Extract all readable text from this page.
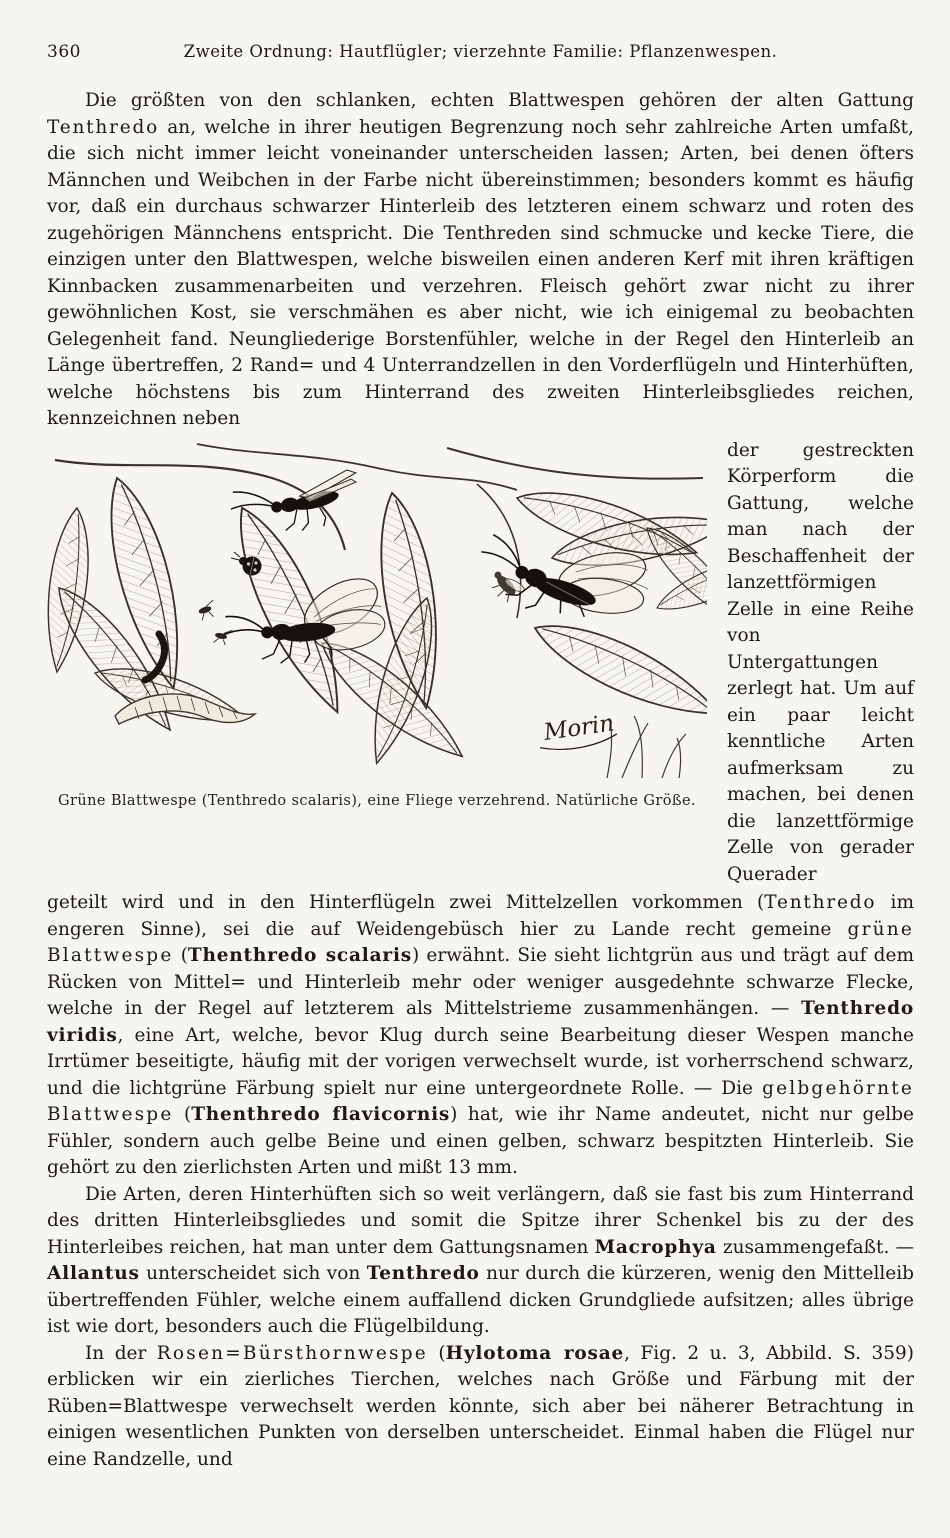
360	Zweite Ordnung: Hautflügler; vierzehnte Familie: Pflanzenwespen.

Die größten von den schlanken, echten Blattwespen gehören der alten Gattung Tenthredo an, welche in ihrer heutigen Begrenzung noch sehr zahlreiche Arten umfaßt, die sich nicht immer leicht voneinander unterscheiden lassen; Arten, bei denen öfters Männchen und Weibchen in der Farbe nicht übereinstimmen; besonders kommt es häufig vor, daß ein durchaus schwarzer Hinterleib des letzteren einem schwarz und roten des zugehörigen Männchens entspricht. Die Tenthreden sind schmucke und kecke Tiere, die einzigen unter den Blattwespen, welche bisweilen einen anderen Kerf mit ihren kräftigen Kinnbacken zusammenarbeiten und verzehren. Fleisch gehört zwar nicht zu ihrer gewöhnlichen Kost, sie verschmähen es aber nicht, wie ich einigemal zu beobachten Gelegenheit fand. Neungliederige Borstenfühler, welche in der Regel den Hinterleib an Länge übertreffen, 2 Rand= und 4 Unterrandzellen in den Vorderflügeln und Hinterhüften, welche höchstens bis zum Hinterrand des zweiten Hinterleibsgliedes reichen, kennzeichnen neben

Morin
Grüne Blattwespe (Tenthredo scalaris), eine Fliege verzehrend. Natürliche Größe.
der gestreckten Körperform die Gattung, welche man nach der Beschaffenheit der lanzettförmigen Zelle in eine Reihe von Untergattungen zerlegt hat. Um auf ein paar leicht kenntliche Arten aufmerksam zu machen, bei denen die lanzettförmige Zelle von gerader Querader

geteilt wird und in den Hinterflügeln zwei Mittelzellen vorkommen (Tenthredo im engeren Sinne), sei die auf Weidengebüsch hier zu Lande recht gemeine grüne Blattwespe (Thenthredo scalaris) erwähnt. Sie sieht lichtgrün aus und trägt auf dem Rücken von Mittel= und Hinterleib mehr oder weniger ausgedehnte schwarze Flecke, welche in der Regel auf letzterem als Mittelstrieme zusammenhängen. — Tenthredo viridis, eine Art, welche, bevor Klug durch seine Bearbeitung dieser Wespen manche Irrtümer beseitigte, häufig mit der vorigen verwechselt wurde, ist vorherrschend schwarz, und die lichtgrüne Färbung spielt nur eine untergeordnete Rolle. — Die gelbgehörnte Blattwespe (Thenthredo flavicornis) hat, wie ihr Name andeutet, nicht nur gelbe Fühler, sondern auch gelbe Beine und einen gelben, schwarz bespitzten Hinterleib. Sie gehört zu den zierlichsten Arten und mißt 13 mm.

Die Arten, deren Hinterhüften sich so weit verlängern, daß sie fast bis zum Hinterrand des dritten Hinterleibsgliedes und somit die Spitze ihrer Schenkel bis zu der des Hinterleibes reichen, hat man unter dem Gattungsnamen Macrophya zusammengefaßt. — Allantus unterscheidet sich von Tenthredo nur durch die kürzeren, wenig den Mittelleib übertreffenden Fühler, welche einem auffallend dicken Grundgliede aufsitzen; alles übrige ist wie dort, besonders auch die Flügelbildung.

In der Rosen=Bürsthornwespe (Hylotoma rosae, Fig. 2 u. 3, Abbild. S. 359) erblicken wir ein zierliches Tierchen, welches nach Größe und Färbung mit der Rüben=Blattwespe verwechselt werden könnte, sich aber bei näherer Betrachtung in einigen wesentlichen Punkten von derselben unterscheidet. Einmal haben die Flügel nur eine Randzelle, und
